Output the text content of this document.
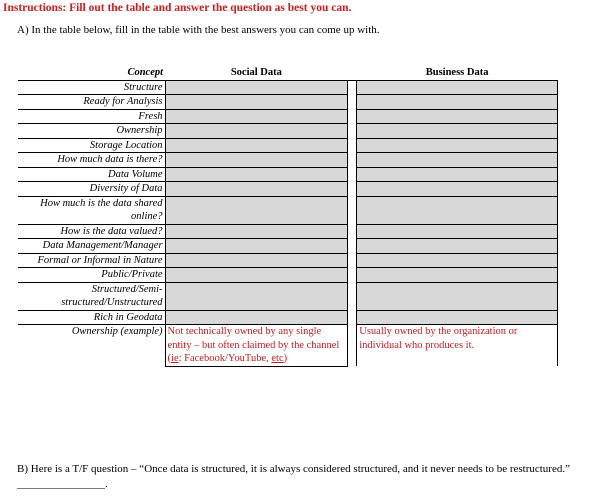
Instructions: Fill out the table and answer the question as best you can.
A) In the table below, fill in the table with the best answers you can come up with.
Concept	Social Data		Business Data
Structure			
Ready for Analysis			
Fresh			
Ownership			
Storage Location			
How much data is there?			
Data Volume			
Diversity of Data			
How much is the data shared online?			
How is the data valued?			
Data Management/Manager			
Formal or Informal in Nature			
Public/Private			
Structured/Semi-structured/Unstructured			
Rich in Geodata			
Ownership (example)	Not technically owned by any single entity – but often claimed by the channel (ie: Facebook/YouTube, etc)		Usually owned by the organization or individual who produces it.
B) Here is a T/F question – “Once data is structured, it is always considered structured, and it never needs to be restructured.” ________________.
